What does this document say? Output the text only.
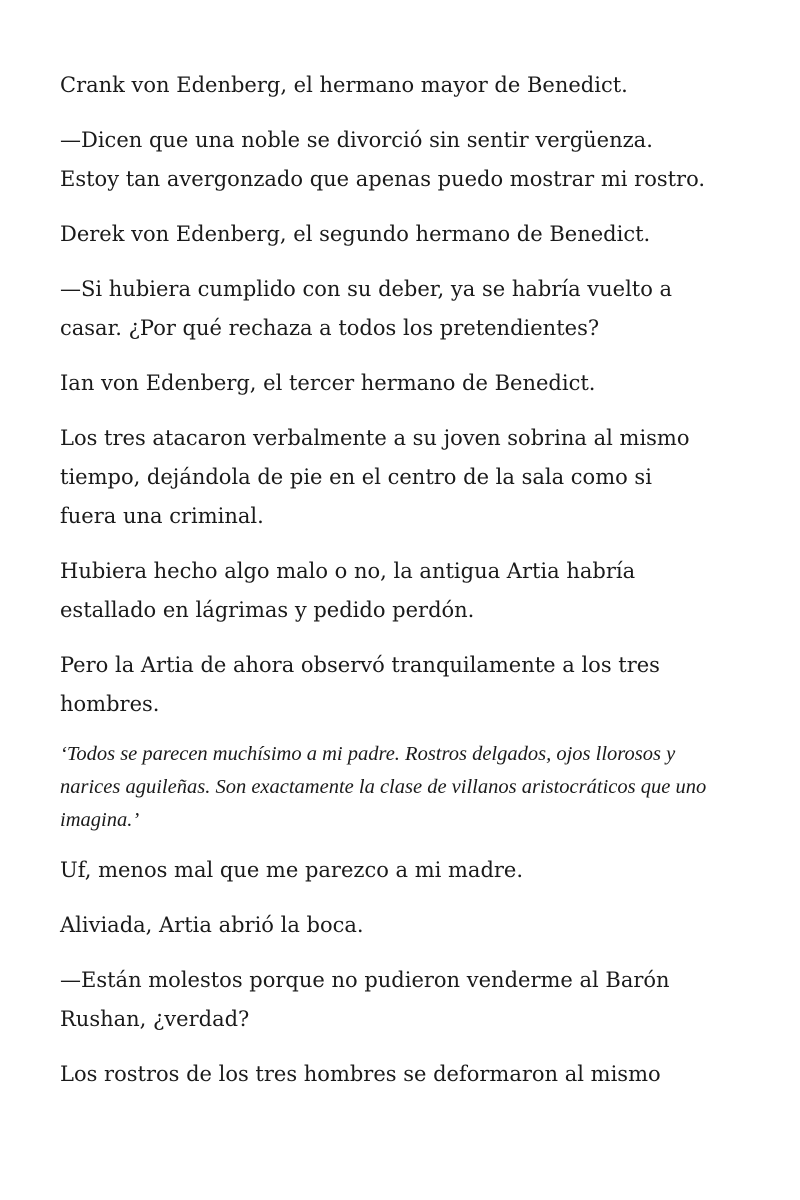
Crank von Edenberg, el hermano mayor de Benedict.

—Dicen que una noble se divorció sin sentir vergüenza.
Estoy tan avergonzado que apenas puedo mostrar mi rostro.

Derek von Edenberg, el segundo hermano de Benedict.

—Si hubiera cumplido con su deber, ya se habría vuelto a
casar. ¿Por qué rechaza a todos los pretendientes?

Ian von Edenberg, el tercer hermano de Benedict.

Los tres atacaron verbalmente a su joven sobrina al mismo
tiempo, dejándola de pie en el centro de la sala como si
fuera una criminal.

Hubiera hecho algo malo o no, la antigua Artia habría
estallado en lágrimas y pedido perdón.

Pero la Artia de ahora observó tranquilamente a los tres
hombres.

‘Todos se parecen muchísimo a mi padre. Rostros delgados, ojos llorosos y
narices aguileñas. Son exactamente la clase de villanos aristocráticos que uno
imagina.’

Uf, menos mal que me parezco a mi madre.

Aliviada, Artia abrió la boca.

—Están molestos porque no pudieron venderme al Barón
Rushan, ¿verdad?

Los rostros de los tres hombres se deformaron al mismo
